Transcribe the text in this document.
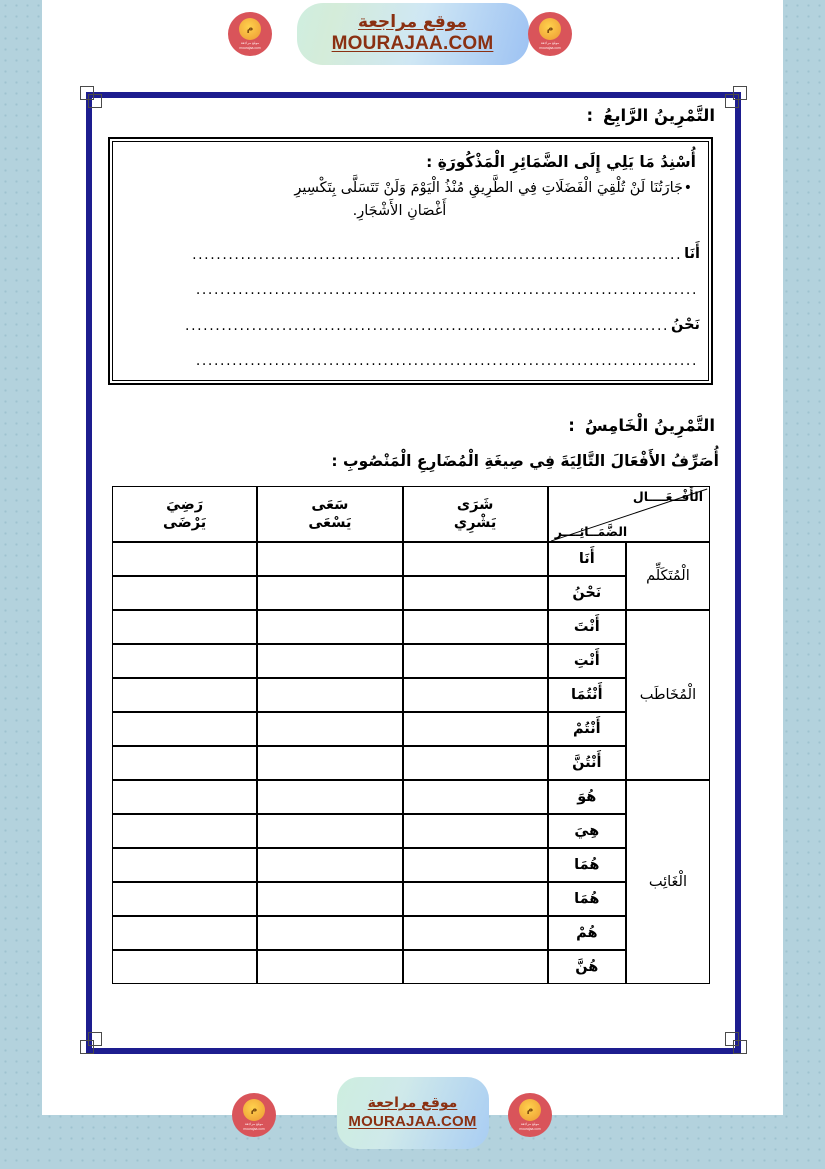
م
موقع مراجعة
mourajaa.com
موقع مراجعة
MOURAJAA.COM
م
موقع مراجعة
mourajaa.com
التَّمْرِينُ الرَّابِعُ:
أُسْنِدُ مَا يَلِي إِلَى الضَّمَائِرِ الْمَذْكُورَةِ :
•جَارَتُنَا لَنْ تُلْقِيَ الْفَضَلَاتِ فِي الطَّرِيقِ مُنْذُ الْيَوْمَ وَلَنْ تَتَسَلَّى بِتَكْسِيرِ
أَغْصَانِ الأَشْجَارِ.
أَنَا
.................................................................................
...................................................................................
نَحْنُ
................................................................................
...................................................................................
التَّمْرِينُ الْخَامِسُ:
أُصَرِّفُ الأَفْعَالَ التَّالِيَةَ فِي صِيغَةِ الْمُضَارِعِ الْمَنْصُوبِ :
الأَفْــعَــــال
الضَّمَــائِــــر

شَرَى
يَشْرِي

سَعَى
يَسْعَى

رَضِيَ
يَرْضَى

الْمُتَكَلِّم	أَنَا			
	نَحْنُ			
الْمُخَاطَب	أَنْتَ			
	أَنْتِ			
	أَنْتُمَا			
	أَنْتُمْ			
	أَنْتُنَّ			
الْغَائِب	هُوَ			
	هِيَ			
	هُمَا			
	هُمَا			
	هُمْ			
	هُنَّ			
م
موقع مراجعة
mourajaa.com
موقع مراجعة
MOURAJAA.COM
م
موقع مراجعة
mourajaa.com
